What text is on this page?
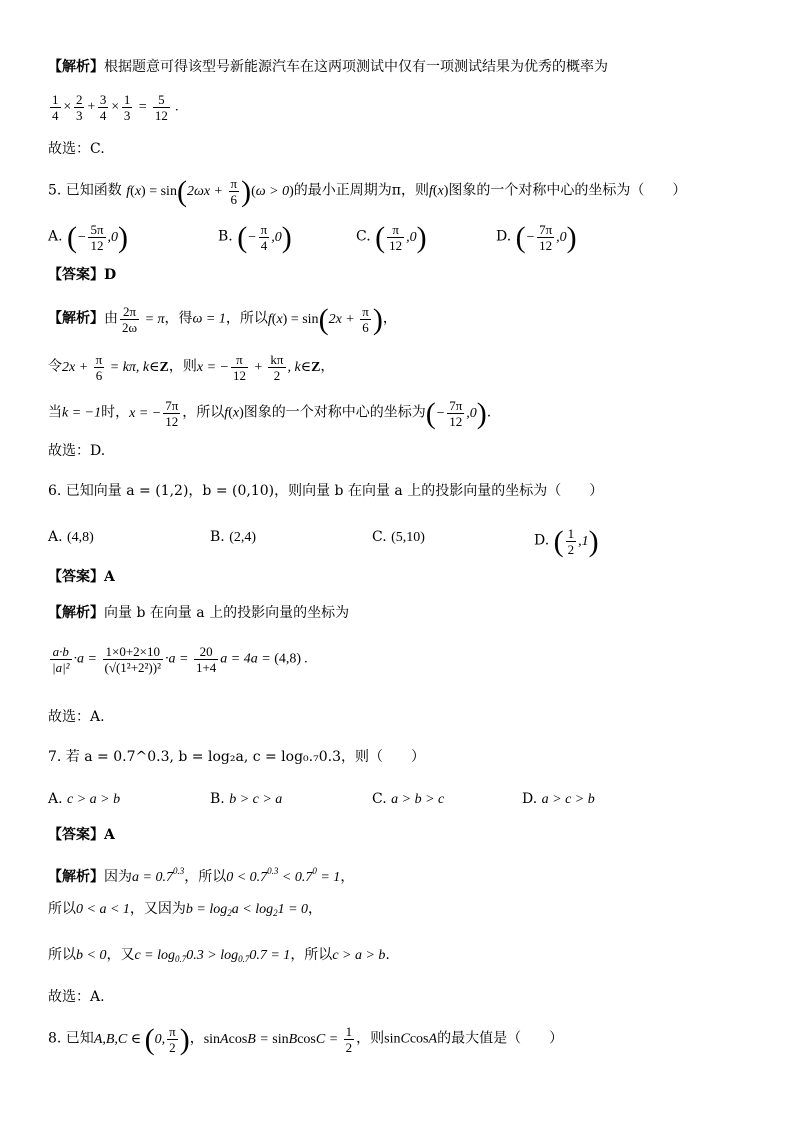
【解析】根据题意可得该型号新能源汽车在这两项测试中仅有一项测试结果为优秀的概率为
$\frac{1}{4} \times \frac{2}{3} + \frac{3}{4} \times \frac{1}{3} = \frac{5}{12}$ .
故选：C.
5. 已知函数 $f(x) = \sin(2\omega x + \frac{\pi}{6} )(\omega > 0)$的最小正周期为π，则f(x)图象的一个对称中心的坐标为（　　）
A. (− $\frac{5\pi}{12} ,0$)	B. (− $\frac{\pi}{4} ,0$)	C. ( $\frac{\pi}{12} ,0$)	D. (− $\frac{7\pi}{12} ,0$)
【答案】D
【解析】由 $\frac{2\pi}{2\omega} = \pi$，得ω = 1，所以$f(x) = \sin(2x + \frac{\pi}{6}$ )，
令$2x + \frac{\pi}{6} = k\pi$, k∈Z，则x = − $\frac{\pi}{12} + \frac{k\pi}{2}$ , k∈Z，
当k = −1时，x = − $\frac{7\pi}{12}$ ，所以f(x)图象的一个对称中心的坐标为(− $\frac{7\pi}{12} ,0$).
故选：D.
6. 已知向量 a = (1,2)，b = (0,10)，则向量 b 在向量 a 上的投影向量的坐标为（　　）
A. (4,8)	B. (2,4)	C. (5,10)	D. ( $\frac{1}{2} ,1$)
【答案】A
【解析】向量 b 在向量 a 上的投影向量的坐标为
$\frac{a\cdot b}{\text{|a|²}} \cdot a = \frac{1\times 0+2\times 10}{\text{(√(1²+2²))²}} \cdot a = \frac{20}{1+4}$ a = 4a = (4,8) .
故选：A.
7. 若 a = 0.7^0.3, b = log₂a, c = log₀.₇0.3，则（　　）
A. c > a > b	B. b > c > a	C. a > b > c	D. a > c > b
【答案】A
【解析】因为$a = 0.7^{0.3}$，所以$0 < 0.7^{0.3} < 0.7^0 = 1$，
所以0 < a < 1，又因为$b = \log_2a < \log_21 = 0$，
所以b < 0，又$c = \log_{0.7}0.3 > \log_{0.7}0.7 = 1$，所以c > a > b.
故选：A.
8. 已知A,B,C ∈ (0, $\frac{\pi}{2}$ )，sinAcosB = sinBcosC = $\frac{1}{2}$ ，则sinCcosA的最大值是（　　）
